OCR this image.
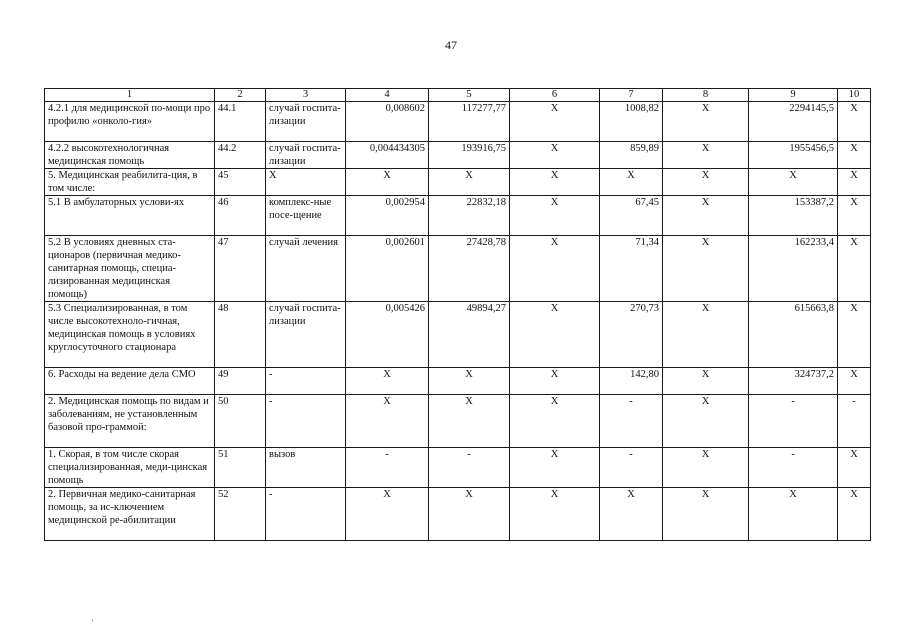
47
1	2	3	4	5	6	7	8	9	10
4.2.1 для медицинской по-мощи про профилю «онколо-гия»	44.1	случай госпита-лизации	0,008602	117277,77	Х	1008,82	Х	2294145,5	Х
4.2.2 высокотехнологичная медицинская помощь	44.2	случай госпита-лизации	0,004434305	193916,75	Х	859,89	Х	1955456,5	Х
5. Медицинская реабилита-ция, в том числе:	45	Х	Х	Х	Х	Х	Х	Х	Х
5.1 В амбулаторных услови-ях	46	комплекс-ные посе-щение	0,002954	22832,18	Х	67,45	Х	153387,2	Х
5.2 В условиях дневных ста-ционаров (первичная медико-санитарная помощь, специа-лизированная медицинская помощь)	47	случай лечения	0,002601	27428,78	Х	71,34	Х	162233,4	Х
5.3 Специализированная, в том числе высокотехноло-гичная, медицинская помощь в условиях круглосуточного стационара	48	случай госпита-лизации	0,005426	49894,27	Х	270,73	Х	615663,8	Х
6. Расходы на ведение дела СМО	49	-	Х	Х	Х	142,80	Х	324737,2	Х
2. Медицинская помощь по видам и заболеваниям, не установленным базовой про-граммой:	50	-	Х	Х	Х	-	Х	-	-
1. Скорая, в том числе скорая специализированная, меди-цинская помощь	51	вызов	-	-	Х	-	Х	-	Х
2. Первичная медико-санитарная помощь, за ис-ключением медицинской ре-абилитации	52	-	Х	Х	Х	Х	Х	Х	Х
